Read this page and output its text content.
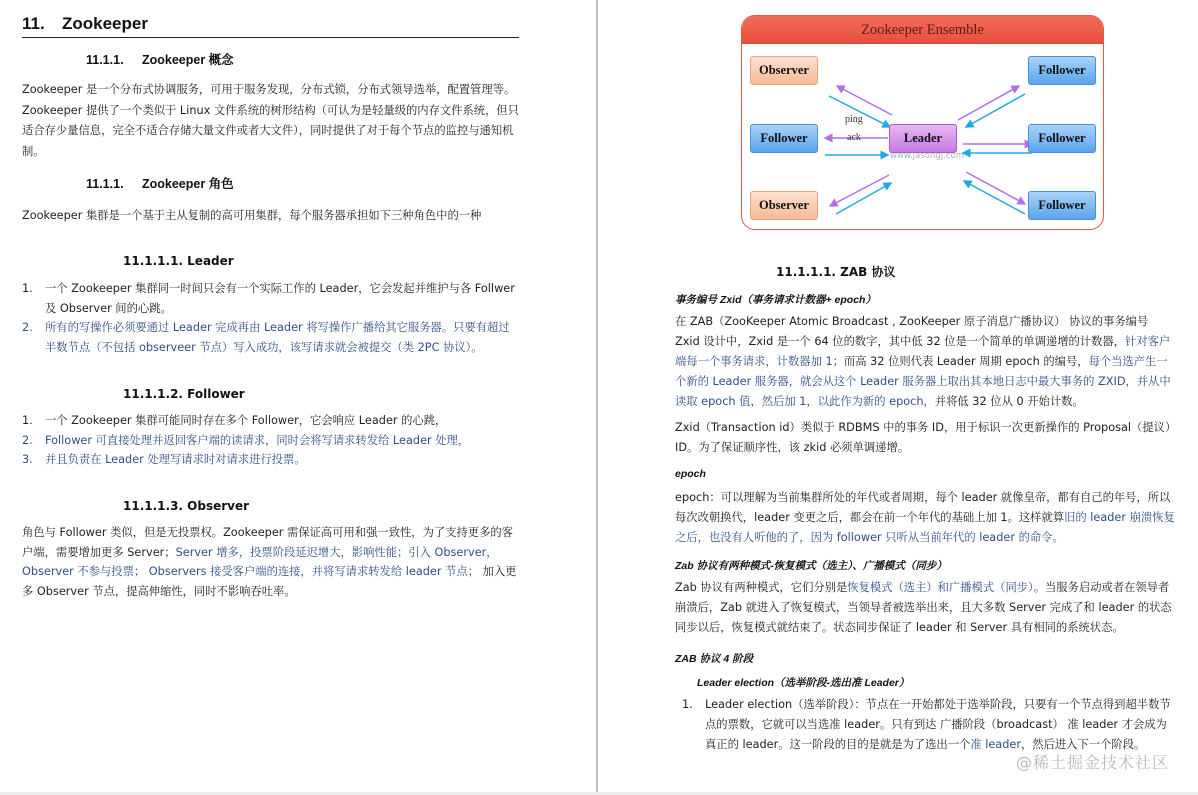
11. Zookeeper
11.1.1. Zookeeper 概念

Zookeeper 是一个分布式协调服务，可用于服务发现，分布式锁，分布式领导选举，配置管理等。Zookeeper 提供了一个类似于 Linux 文件系统的树形结构（可认为是轻量级的内存文件系统，但只适合存少量信息，完全不适合存储大量文件或者大文件），同时提供了对于每个节点的监控与通知机制。

11.1.1. Zookeeper 角色

Zookeeper 集群是一个基于主从复制的高可用集群，每个服务器承担如下三种角色中的一种

11.1.1.1. Leader
1. 一个 Zookeeper 集群同一时间只会有一个实际工作的 Leader，它会发起并维护与各 Follwer 及 Observer 间的心跳。
2. 所有的写操作必须要通过 Leader 完成再由 Leader 将写操作广播给其它服务器。只要有超过半数节点（不包括 observeer 节点）写入成功，该写请求就会被提交（类 2PC 协议）。
11.1.1.2. Follower
1. 一个 Zookeeper 集群可能同时存在多个 Follower，它会响应 Leader 的心跳，
2. Follower 可直接处理并返回客户端的读请求，同时会将写请求转发给 Leader 处理，
3. 并且负责在 Leader 处理写请求时对请求进行投票。
11.1.1.3. Observer

角色与 Follower 类似，但是无投票权。Zookeeper 需保证高可用和强一致性，为了支持更多的客户端，需要增加更多 Server；Server 增多，投票阶段延迟增大，影响性能；引入 Observer，Observer 不参与投票； Observers 接受客户端的连接，并将写请求转发给 leader 节点； 加入更多 Observer 节点，提高伸缩性，同时不影响吞吐率。

Zookeeper Ensemble
Observer
Follower
Observer
Leader
Follower
Follower
Follower
ping
ack
www.jasongj.com
11.1.1.1. ZAB 协议
事务编号 Zxid（事务请求计数器+ epoch）

在 ZAB（ZooKeeper Atomic Broadcast , ZooKeeper 原子消息广播协议） 协议的事务编号 Zxid 设计中，Zxid 是一个 64 位的数字，其中低 32 位是一个简单的单调递增的计数器，针对客户端每一个事务请求，计数器加 1；而高 32 位则代表 Leader 周期 epoch 的编号，每个当选产生一个新的 Leader 服务器，就会从这个 Leader 服务器上取出其本地日志中最大事务的 ZXID，并从中读取 epoch 值，然后加 1，以此作为新的 epoch，并将低 32 位从 0 开始计数。

Zxid（Transaction id）类似于 RDBMS 中的事务 ID，用于标识一次更新操作的 Proposal（提议）ID。为了保证顺序性，该 zkid 必须单调递增。

epoch

epoch：可以理解为当前集群所处的年代或者周期，每个 leader 就像皇帝，都有自己的年号，所以每次改朝换代，leader 变更之后，都会在前一个年代的基础上加 1。这样就算旧的 leader 崩溃恢复之后，也没有人听他的了，因为 follower 只听从当前年代的 leader 的命令。

Zab 协议有两种模式-恢复模式（选主）、广播模式（同步）

Zab 协议有两种模式，它们分别是恢复模式（选主）和广播模式（同步）。当服务启动或者在领导者崩溃后，Zab 就进入了恢复模式，当领导者被选举出来，且大多数 Server 完成了和 leader 的状态同步以后，恢复模式就结束了。状态同步保证了 leader 和 Server 具有相同的系统状态。

ZAB 协议 4 阶段
Leader election（选举阶段-选出准 Leader）
1. Leader election（选举阶段）：节点在一开始都处于选举阶段，只要有一个节点得到超半数节点的票数，它就可以当选准 leader。只有到达 广播阶段（broadcast） 准 leader 才会成为真正的 leader。这一阶段的目的是就是为了选出一个准 leader，然后进入下一个阶段。
@稀土掘金技术社区
